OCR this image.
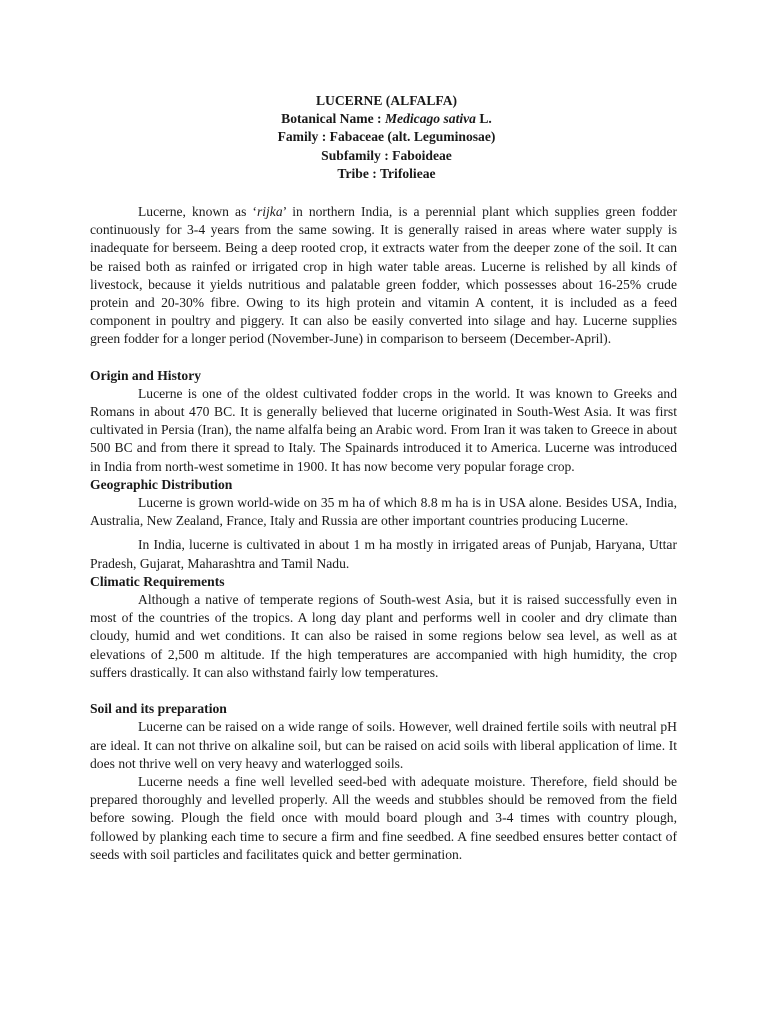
LUCERNE (ALFALFA)
Botanical Name : Medicago sativa L.
Family : Fabaceae (alt. Leguminosae)
Subfamily : Faboideae
Tribe : Trifolieae

Lucerne, known as ‘rijka’ in northern India, is a perennial plant which supplies green fodder continuously for 3-4 years from the same sowing. It is generally raised in areas where water supply is inadequate for berseem. Being a deep rooted crop, it extracts water from the deeper zone of the soil. It can be raised both as rainfed or irrigated crop in high water table areas. Lucerne is relished by all kinds of livestock, because it yields nutritious and palatable green fodder, which possesses about 16-25% crude protein and 20-30% fibre. Owing to its high protein and vitamin A content, it is included as a feed component in poultry and piggery. It can also be easily converted into silage and hay. Lucerne supplies green fodder for a longer period (November-June) in comparison to berseem (December-April).

Origin and History

Lucerne is one of the oldest cultivated fodder crops in the world. It was known to Greeks and Romans in about 470 BC. It is generally believed that lucerne originated in South-West Asia. It was first cultivated in Persia (Iran), the name alfalfa being an Arabic word. From Iran it was taken to Greece in about 500 BC and from there it spread to Italy. The Spainards introduced it to America. Lucerne was introduced in India from north-west sometime in 1900. It has now become very popular forage crop.

Geographic Distribution

Lucerne is grown world-wide on 35 m ha of which 8.8 m ha is in USA alone. Besides USA, India, Australia, New Zealand, France, Italy and Russia are other important countries producing Lucerne.

In India, lucerne is cultivated in about 1 m ha mostly in irrigated areas of Punjab, Haryana, Uttar Pradesh, Gujarat, Maharashtra and Tamil Nadu.

Climatic Requirements

Although a native of temperate regions of South-west Asia, but it is raised successfully even in most of the countries of the tropics. A long day plant and performs well in cooler and dry climate than cloudy, humid and wet conditions. It can also be raised in some regions below sea level, as well as at elevations of 2,500 m altitude. If the high temperatures are accompanied with high humidity, the crop suffers drastically. It can also withstand fairly low temperatures.

Soil and its preparation

Lucerne can be raised on a wide range of soils. However, well drained fertile soils with neutral pH are ideal. It can not thrive on alkaline soil, but can be raised on acid soils with liberal application of lime. It does not thrive well on very heavy and waterlogged soils.

Lucerne needs a fine well levelled seed-bed with adequate moisture. Therefore, field should be prepared thoroughly and levelled properly. All the weeds and stubbles should be removed from the field before sowing. Plough the field once with mould board plough and 3-4 times with country plough, followed by planking each time to secure a firm and fine seedbed. A fine seedbed ensures better contact of seeds with soil particles and facilitates quick and better germination.
